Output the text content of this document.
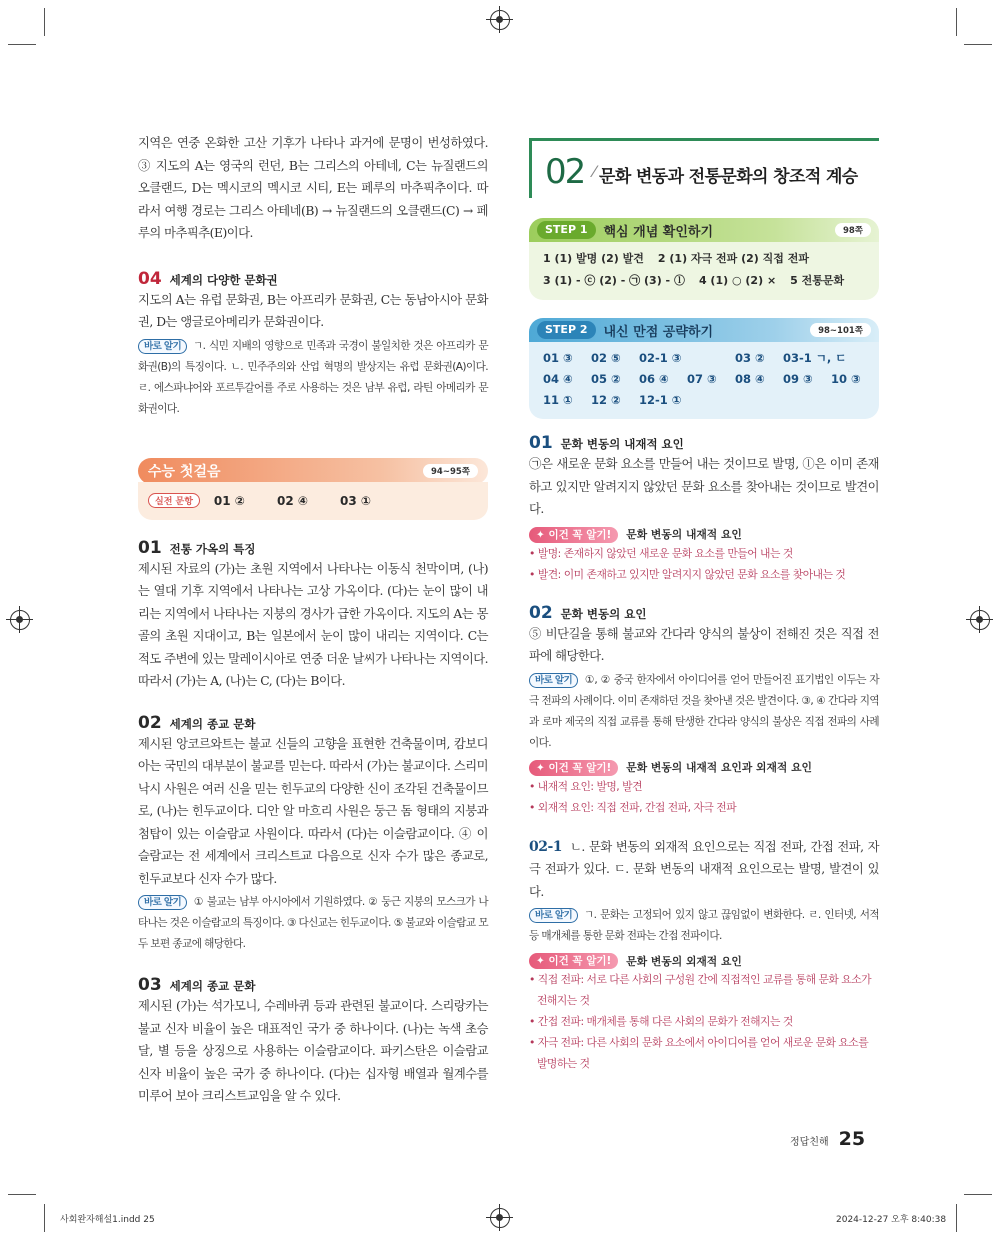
지역은 연중 온화한 고산 기후가 나타나 과거에 문명이 번성하였다. ③ 지도의 A는 영국의 런던, B는 그리스의 아테네, C는 뉴질랜드의 오클랜드, D는 멕시코의 멕시코 시티, E는 페루의 마추픽추이다. 따라서 여행 경로는 그리스 아테네(B) → 뉴질랜드의 오클랜드(C) → 페루의 마추픽추(E)이다.

04 세계의 다양한 문화권

지도의 A는 유럽 문화권, B는 아프리카 문화권, C는 동남아시아 문화권, D는 앵글로아메리카 문화권이다.

바로 알기 ㄱ. 식민 지배의 영향으로 민족과 국경이 불일치한 것은 아프리카 문화권(B)의 특징이다. ㄴ. 민주주의와 산업 혁명의 발상지는 유럽 문화권(A)이다. ㄹ. 에스파냐어와 포르투갈어를 주로 사용하는 것은 남부 유럽, 라틴 아메리카 문화권이다.

수능 첫걸음	94~95쪽
실전 문항	01 ②	02 ④	03 ①
01 전통 가옥의 특징

제시된 자료의 (가)는 초원 지역에서 나타나는 이동식 천막이며, (나)는 열대 기후 지역에서 나타나는 고상 가옥이다. (다)는 눈이 많이 내리는 지역에서 나타나는 지붕의 경사가 급한 가옥이다. 지도의 A는 몽골의 초원 지대이고, B는 일본에서 눈이 많이 내리는 지역이다. C는 적도 주변에 있는 말레이시아로 연중 더운 날씨가 나타나는 지역이다. 따라서 (가)는 A, (나)는 C, (다)는 B이다.

02 세계의 종교 문화

제시된 앙코르와트는 불교 신들의 고향을 표현한 건축물이며, 캄보디아는 국민의 대부분이 불교를 믿는다. 따라서 (가)는 불교이다. 스리미낙시 사원은 여러 신을 믿는 힌두교의 다양한 신이 조각된 건축물이므로, (나)는 힌두교이다. 디안 알 마흐리 사원은 둥근 돔 형태의 지붕과 첨탑이 있는 이슬람교 사원이다. 따라서 (다)는 이슬람교이다. ④ 이슬람교는 전 세계에서 크리스트교 다음으로 신자 수가 많은 종교로, 힌두교보다 신자 수가 많다.

바로 알기 ① 불교는 남부 아시아에서 기원하였다. ② 둥근 지붕의 모스크가 나타나는 것은 이슬람교의 특징이다. ③ 다신교는 힌두교이다. ⑤ 불교와 이슬람교 모두 보편 종교에 해당한다.

03 세계의 종교 문화

제시된 (가)는 석가모니, 수레바퀴 등과 관련된 불교이다. 스리랑카는 불교 신자 비율이 높은 대표적인 국가 중 하나이다. (나)는 녹색 초승달, 별 등을 상징으로 사용하는 이슬람교이다. 파키스탄은 이슬람교 신자 비율이 높은 국가 중 하나이다. (다)는 십자형 배열과 월계수를 미루어 보아 크리스트교임을 알 수 있다.

02 ⁄ 문화 변동과 전통문화의 창조적 계승
STEP 1	핵심 개념 확인하기	98쪽
1 (1) 발명 (2) 발견 2 (1) 자극 전파 (2) 직접 전파
3 (1) - ⓒ (2) - ㉠ (3) - ⓛ 4 (1) ○ (2) × 5 전통문화
STEP 2	내신 만점 공략하기	98~101쪽
01 ③	02 ⑤	02-1 ③	03 ②	03-1 ㄱ, ㄷ
04 ④	05 ②	06 ④	07 ③	08 ④	09 ③	10 ③
11 ①	12 ②	12-1 ①
01 문화 변동의 내재적 요인

㉠은 새로운 문화 요소를 만들어 내는 것이므로 발명, ⓛ은 이미 존재하고 있지만 알려지지 않았던 문화 요소를 찾아내는 것이므로 발견이다.

✦ 이건 꼭 알기!	문화 변동의 내재적 요인
• 발명: 존재하지 않았던 새로운 문화 요소를 만들어 내는 것
• 발견: 이미 존재하고 있지만 알려지지 않았던 문화 요소를 찾아내는 것
02 문화 변동의 요인

⑤ 비단길을 통해 불교와 간다라 양식의 불상이 전해진 것은 직접 전파에 해당한다.

바로 알기 ①, ② 중국 한자에서 아이디어를 얻어 만들어진 표기법인 이두는 자극 전파의 사례이다. 이미 존재하던 것을 찾아낸 것은 발견이다. ③, ④ 간다라 지역과 로마 제국의 직접 교류를 통해 탄생한 간다라 양식의 불상은 직접 전파의 사례이다.

✦ 이건 꼭 알기!	문화 변동의 내재적 요인과 외재적 요인
• 내재적 요인: 발명, 발견
• 외재적 요인: 직접 전파, 간접 전파, 자극 전파

02-1 ㄴ. 문화 변동의 외재적 요인으로는 직접 전파, 간접 전파, 자극 전파가 있다. ㄷ. 문화 변동의 내재적 요인으로는 발명, 발견이 있다.

바로 알기 ㄱ. 문화는 고정되어 있지 않고 끊임없이 변화한다. ㄹ. 인터넷, 서적 등 매개체를 통한 문화 전파는 간접 전파이다.

✦ 이건 꼭 알기!	문화 변동의 외재적 요인
• 직접 전파: 서로 다른 사회의 구성원 간에 직접적인 교류를 통해 문화 요소가 전해지는 것
• 간접 전파: 매개체를 통해 다른 사회의 문화가 전해지는 것
• 자극 전파: 다른 사회의 문화 요소에서 아이디어를 얻어 새로운 문화 요소를 발명하는 것
정답친해 25
사회완자해설1.indd 25	2024-12-27 오후 8:40:38
